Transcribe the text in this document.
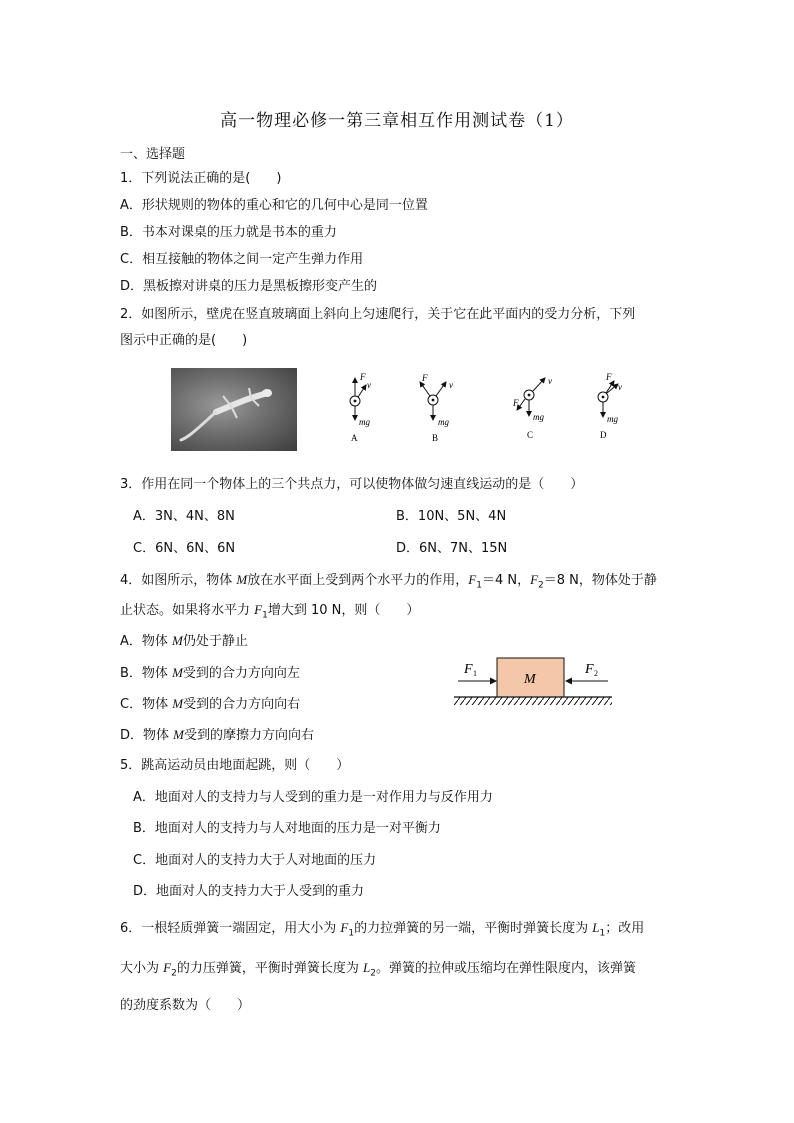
高一物理必修一第三章相互作用测试卷（1）
一、选择题
1．下列说法正确的是(　　)
A．形状规则的物体的重心和它的几何中心是同一位置
B．书本对课桌的压力就是书本的重力
C．相互接触的物体之间一定产生弹力作用
D．黑板擦对讲桌的压力是黑板擦形变产生的
2．如图所示，壁虎在竖直玻璃面上斜向上匀速爬行，关于它在此平面内的受力分析，下列
图示中正确的是(　　)
F
v
mg
A
F
v
mg
B
v
F
mg
C
F
v
mg
D
3．作用在同一个物体上的三个共点力，可以使物体做匀速直线运动的是（　　）
A．3N、4N、8N	B．10N、5N、4N
C．6N、6N、6N	D．6N、7N、15N
4．如图所示，物体 M放在水平面上受到两个水平力的作用，$F_1=4$ N，$F_2=8$ N，物体处于静
止状态。如果将水平力 $F_1$增大到 10 N，则（　　）
A．物体 M仍处于静止
B．物体 M受到的合力方向向左
C．物体 M受到的合力方向向右
D．物体 M受到的摩擦力方向向右
M
F 1	F 2
5．跳高运动员由地面起跳，则（　　）
A．地面对人的支持力与人受到的重力是一对作用力与反作用力
B．地面对人的支持力与人对地面的压力是一对平衡力
C．地面对人的支持力大于人对地面的压力
D．地面对人的支持力大于人受到的重力
6．一根轻质弹簧一端固定，用大小为 $F_1$的力拉弹簧的另一端，平衡时弹簧长度为 $L_1$；改用
大小为 $F_2$的力压弹簧，平衡时弹簧长度为 $L_2$。弹簧的拉伸或压缩均在弹性限度内，该弹簧
的劲度系数为（　　）
